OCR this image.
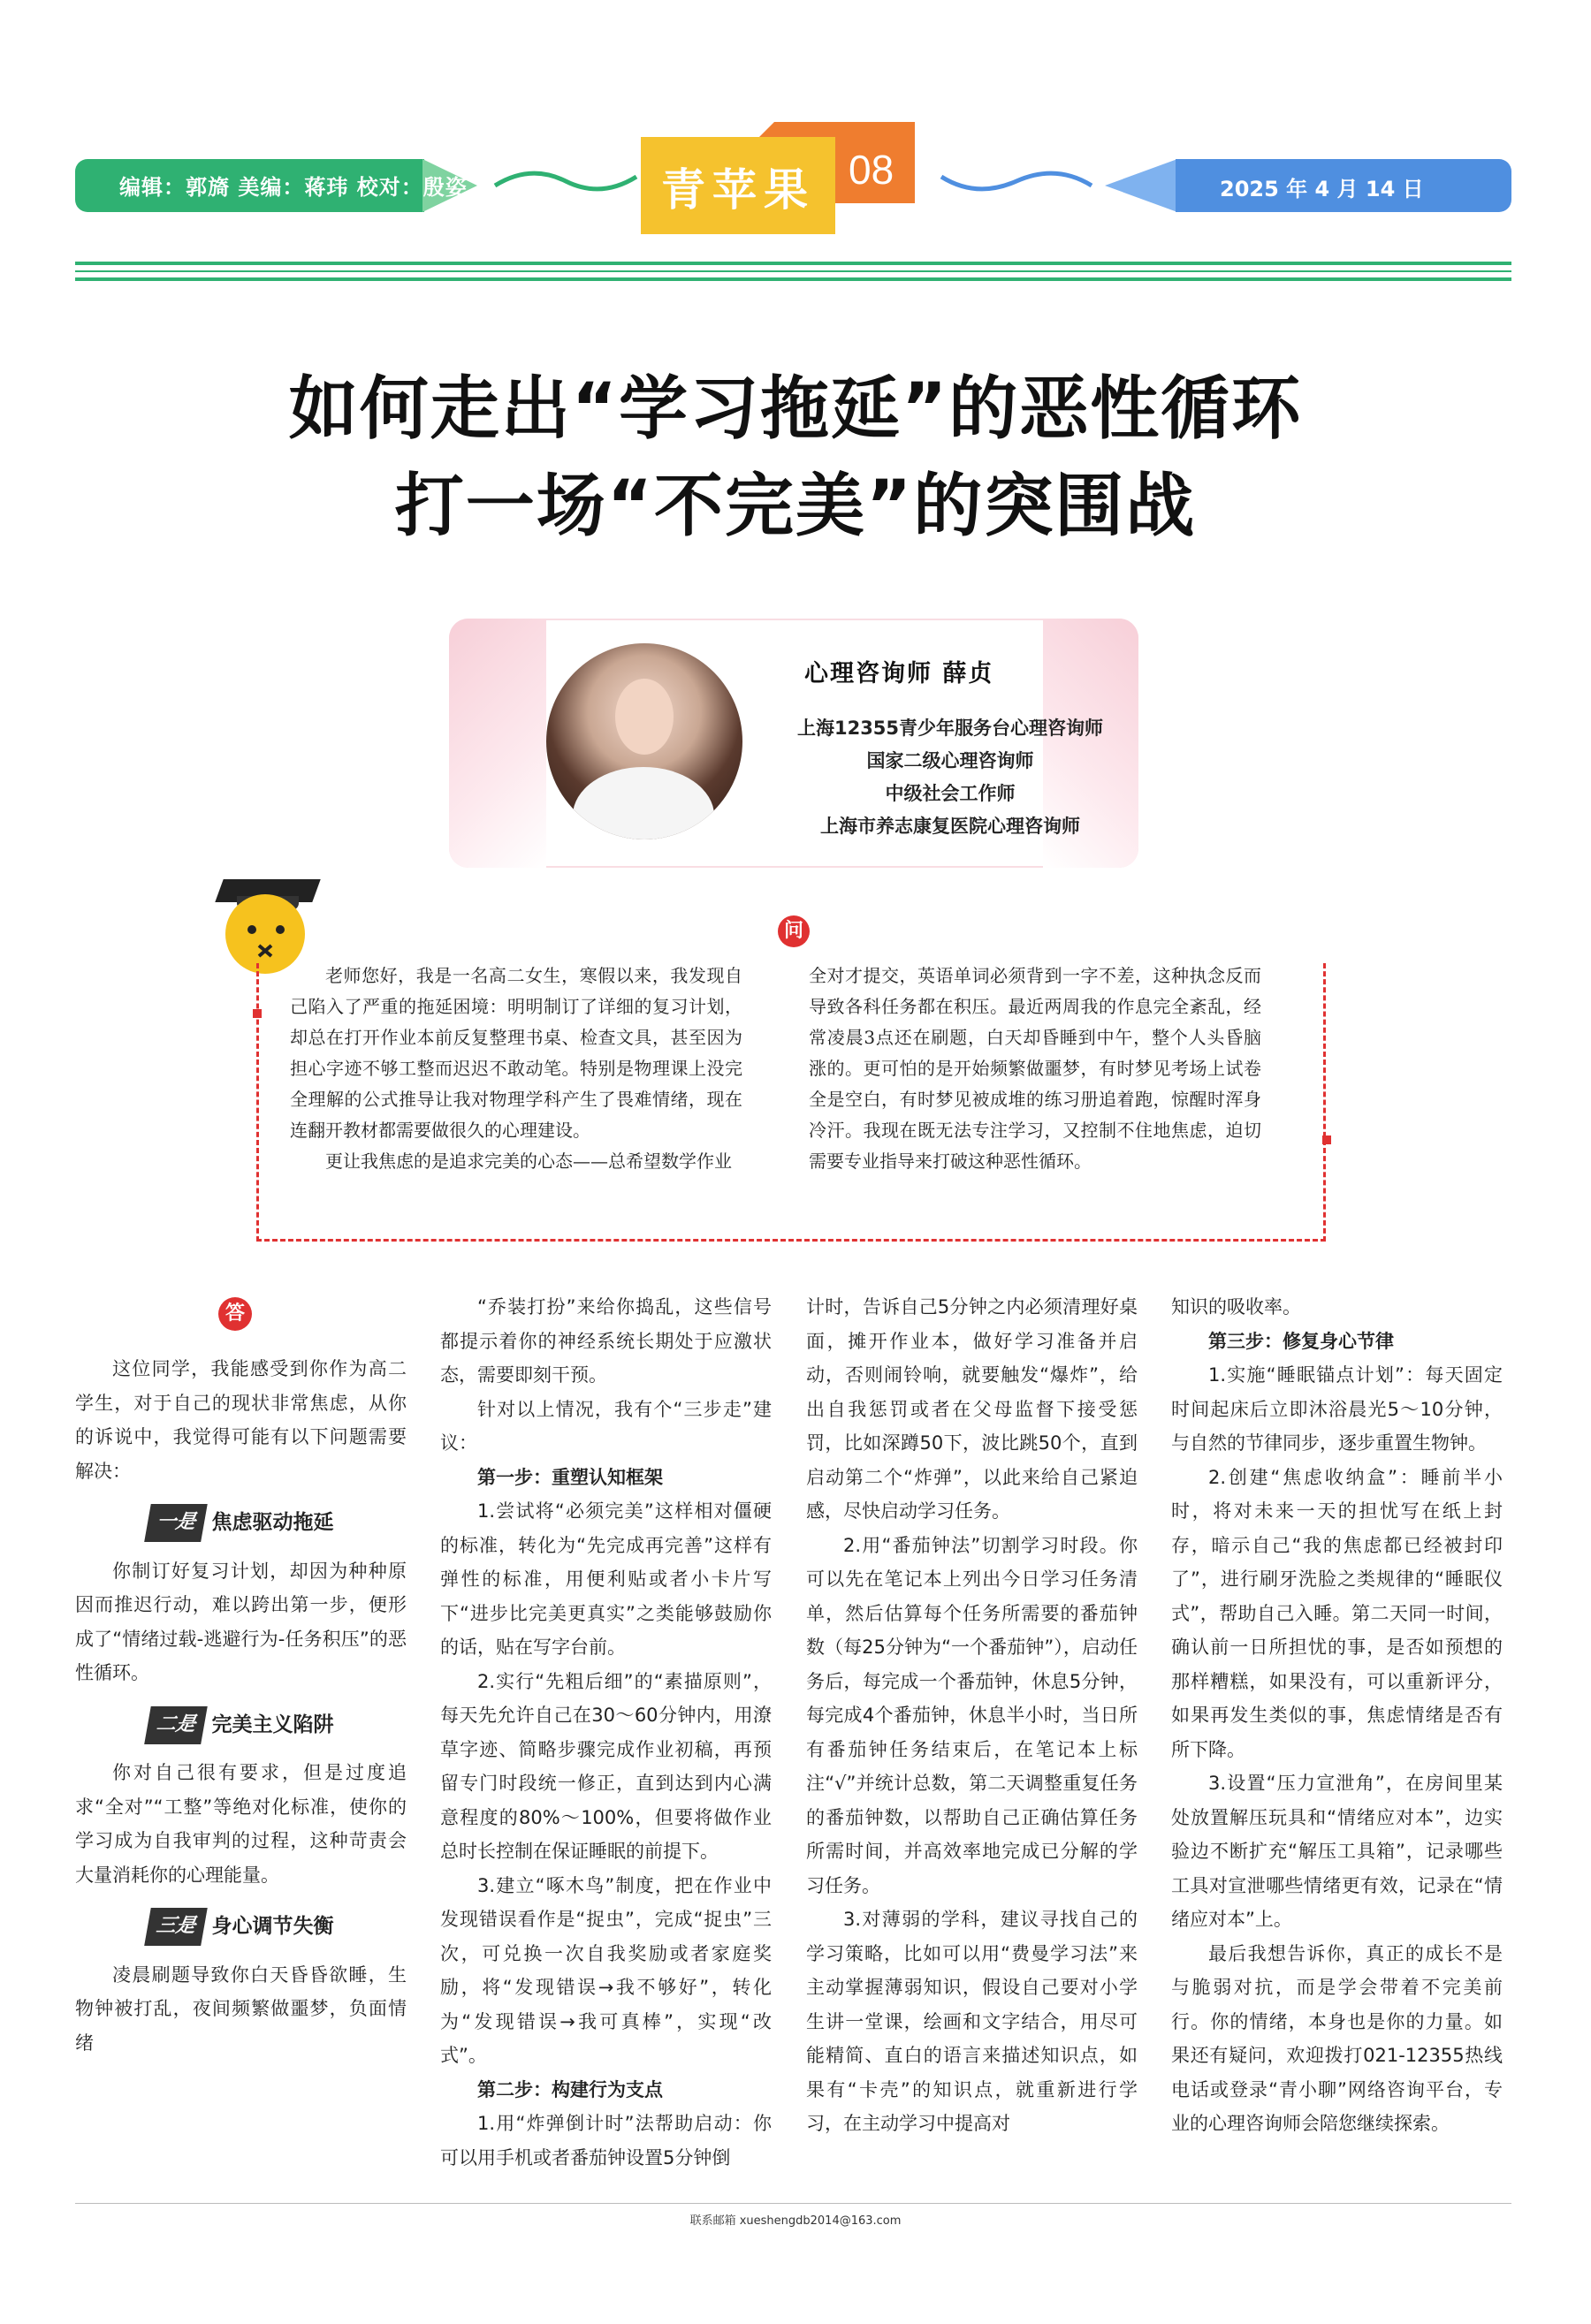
编辑：郭旖 美编：蒋玮 校对：殷姿	青苹果 08	2025 年 4 月 14 日
如何走出“学习拖延”的恶性循环
打一场“不完美”的突围战
心理咨询师 薛贞
上海12355青少年服务台心理咨询师
国家二级心理咨询师
中级社会工作师
上海市养志康复医院心理咨询师
问

老师您好，我是一名高二女生，寒假以来，我发现自己陷入了严重的拖延困境：明明制订了详细的复习计划，却总在打开作业本前反复整理书桌、检查文具，甚至因为担心字迹不够工整而迟迟不敢动笔。特别是物理课上没完全理解的公式推导让我对物理学科产生了畏难情绪，现在连翻开教材都需要做很久的心理建设。

更让我焦虑的是追求完美的心态——总希望数学作业

全对才提交，英语单词必须背到一字不差，这种执念反而导致各科任务都在积压。最近两周我的作息完全紊乱，经常凌晨3点还在刷题，白天却昏睡到中午，整个人头昏脑涨的。更可怕的是开始频繁做噩梦，有时梦见考场上试卷全是空白，有时梦见被成堆的练习册追着跑，惊醒时浑身冷汗。我现在既无法专注学习，又控制不住地焦虑，迫切需要专业指导来打破这种恶性循环。

答

这位同学，我能感受到你作为高二学生，对于自己的现状非常焦虑，从你的诉说中，我觉得可能有以下问题需要解决：

一是 焦虑驱动拖延

你制订好复习计划，却因为种种原因而推迟行动，难以跨出第一步，便形成了“情绪过载-逃避行为-任务积压”的恶性循环。

二是 完美主义陷阱

你对自己很有要求，但是过度追求“全对”“工整”等绝对化标准，使你的学习成为自我审判的过程，这种苛责会大量消耗你的心理能量。

三是 身心调节失衡

凌晨刷题导致你白天昏昏欲睡，生物钟被打乱，夜间频繁做噩梦，负面情绪

“乔装打扮”来给你捣乱，这些信号都提示着你的神经系统长期处于应激状态，需要即刻干预。

针对以上情况，我有个“三步走”建议：

第一步：重塑认知框架

1.尝试将“必须完美”这样相对僵硬的标准，转化为“先完成再完善”这样有弹性的标准，用便利贴或者小卡片写下“进步比完美更真实”之类能够鼓励你的话，贴在写字台前。

2.实行“先粗后细”的“素描原则”，每天先允许自己在30～60分钟内，用潦草字迹、简略步骤完成作业初稿，再预留专门时段统一修正，直到达到内心满意程度的80%～100%，但要将做作业总时长控制在保证睡眠的前提下。

3.建立“啄木鸟”制度，把在作业中发现错误看作是“捉虫”，完成“捉虫”三次，可兑换一次自我奖励或者家庭奖励，将“发现错误→我不够好”，转化为“发现错误→我可真棒”，实现“改式”。

第二步：构建行为支点

1.用“炸弹倒计时”法帮助启动：你可以用手机或者番茄钟设置5分钟倒

计时，告诉自己5分钟之内必须清理好桌面，摊开作业本，做好学习准备并启动，否则闹铃响，就要触发“爆炸”，给出自我惩罚或者在父母监督下接受惩罚，比如深蹲50下，波比跳50个，直到启动第二个“炸弹”，以此来给自己紧迫感，尽快启动学习任务。

2.用“番茄钟法”切割学习时段。你可以先在笔记本上列出今日学习任务清单，然后估算每个任务所需要的番茄钟数（每25分钟为“一个番茄钟”），启动任务后，每完成一个番茄钟，休息5分钟，每完成4个番茄钟，休息半小时，当日所有番茄钟任务结束后，在笔记本上标注“√”并统计总数，第二天调整重复任务的番茄钟数，以帮助自己正确估算任务所需时间，并高效率地完成已分解的学习任务。

3.对薄弱的学科，建议寻找自己的学习策略，比如可以用“费曼学习法”来主动掌握薄弱知识，假设自己要对小学生讲一堂课，绘画和文字结合，用尽可能精简、直白的语言来描述知识点，如果有“卡壳”的知识点，就重新进行学习，在主动学习中提高对

知识的吸收率。

第三步：修复身心节律

1.实施“睡眠锚点计划”：每天固定时间起床后立即沐浴晨光5～10分钟，与自然的节律同步，逐步重置生物钟。

2.创建“焦虑收纳盒”：睡前半小时，将对未来一天的担忧写在纸上封存，暗示自己“我的焦虑都已经被封印了”，进行刷牙洗脸之类规律的“睡眠仪式”，帮助自己入睡。第二天同一时间，确认前一日所担忧的事，是否如预想的那样糟糕，如果没有，可以重新评分，如果再发生类似的事，焦虑情绪是否有所下降。

3.设置“压力宣泄角”，在房间里某处放置解压玩具和“情绪应对本”，边实验边不断扩充“解压工具箱”，记录哪些工具对宣泄哪些情绪更有效，记录在“情绪应对本”上。

最后我想告诉你，真正的成长不是与脆弱对抗，而是学会带着不完美前行。你的情绪，本身也是你的力量。如果还有疑问，欢迎拨打021-12355热线电话或登录“青小聊”网络咨询平台，专业的心理咨询师会陪您继续探索。

联系邮箱 xueshengdb2014@163.com
